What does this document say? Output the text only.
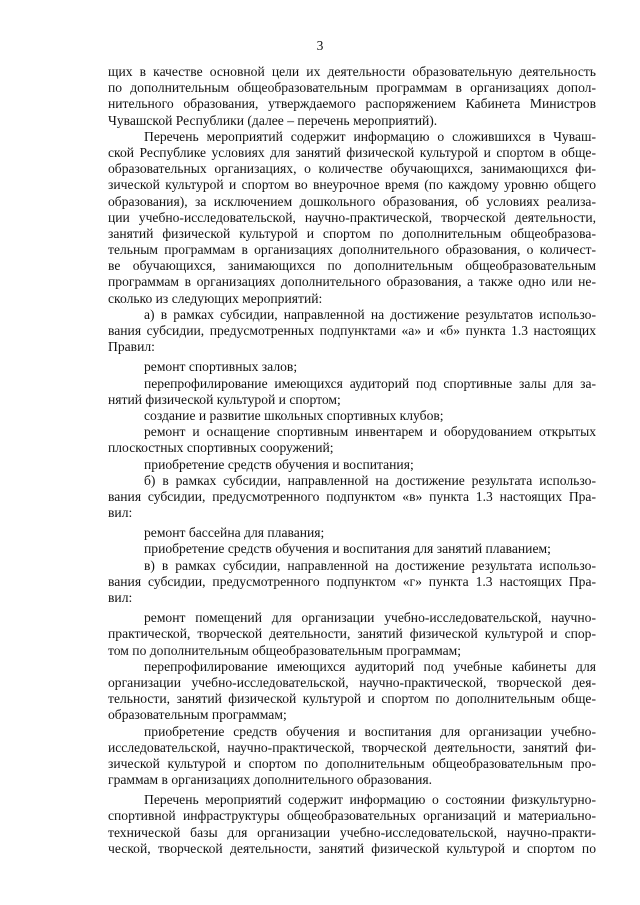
3
щих в качестве основной цели их деятельности образовательную деятельность
по дополнительным общеобразовательным программам в организациях допол-
нительного образования, утверждаемого распоряжением Кабинета Министров
Чувашской Республики (далее – перечень мероприятий).
Перечень мероприятий содержит информацию о сложившихся в Чуваш-
ской Республике условиях для занятий физической культурой и спортом в обще-
образовательных организациях, о количестве обучающихся, занимающихся фи-
зической культурой и спортом во внеурочное время (по каждому уровню общего
образования), за исключением дошкольного образования, об условиях реализа-
ции учебно-исследовательской, научно-практической, творческой деятельности,
занятий физической культурой и спортом по дополнительным общеобразова-
тельным программам в организациях дополнительного образования, о количест-
ве обучающихся, занимающихся по дополнительным общеобразовательным
программам в организациях дополнительного образования, а также одно или не-
сколько из следующих мероприятий:
а) в рамках субсидии, направленной на достижение результатов использо-
вания субсидии, предусмотренных подпунктами «а» и «б» пункта 1.3 настоящих
Правил:
ремонт спортивных залов;
перепрофилирование имеющихся аудиторий под спортивные залы для за-
нятий физической культурой и спортом;
создание и развитие школьных спортивных клубов;
ремонт и оснащение спортивным инвентарем и оборудованием открытых
плоскостных спортивных сооружений;
приобретение средств обучения и воспитания;
б) в рамках субсидии, направленной на достижение результата использо-
вания субсидии, предусмотренного подпунктом «в» пункта 1.3 настоящих Пра-
вил:
ремонт бассейна для плавания;
приобретение средств обучения и воспитания для занятий плаванием;
в) в рамках субсидии, направленной на достижение результата использо-
вания субсидии, предусмотренного подпунктом «г» пункта 1.3 настоящих Пра-
вил:
ремонт помещений для организации учебно-исследовательской, научно-
практической, творческой деятельности, занятий физической культурой и спор-
том по дополнительным общеобразовательным программам;
перепрофилирование имеющихся аудиторий под учебные кабинеты для
организации учебно-исследовательской, научно-практической, творческой дея-
тельности, занятий физической культурой и спортом по дополнительным обще-
образовательным программам;
приобретение средств обучения и воспитания для организации учебно-
исследовательской, научно-практической, творческой деятельности, занятий фи-
зической культурой и спортом по дополнительным общеобразовательным про-
граммам в организациях дополнительного образования.
Перечень мероприятий содержит информацию о состоянии физкультурно-
спортивной инфраструктуры общеобразовательных организаций и материально-
технической базы для организации учебно-исследовательской, научно-практи-
ческой, творческой деятельности, занятий физической культурой и спортом по
